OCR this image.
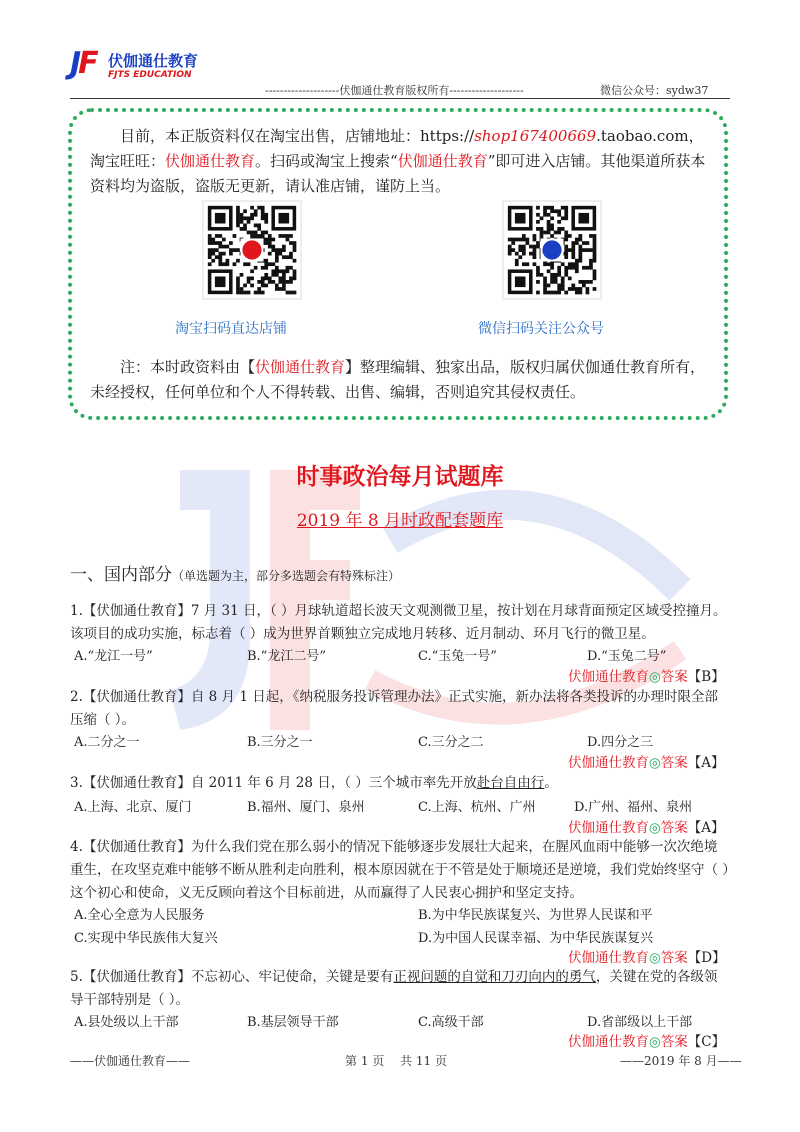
JF 伏伽通仕教育
FJTS EDUCATION
--------------------伏伽通仕教育版权所有--------------------	微信公众号：sydw37
目前，本正版资料仅在淘宝出售，店铺地址：https://shop167400669.taobao.com，淘宝旺旺：伏伽通仕教育。扫码或淘宝上搜索“伏伽通仕教育”即可进入店铺。其他渠道所获本资料均为盗版，盗版无更新，请认准店铺，谨防上当。
淘宝扫码直达店铺	微信扫码关注公众号
注：本时政资料由【伏伽通仕教育】整理编辑、独家出品，版权归属伏伽通仕教育所有，未经授权，任何单位和个人不得转载、出售、编辑，否则追究其侵权责任。
时事政治每月试题库
2019 年 8 月时政配套题库
一、国内部分（单选题为主，部分多选题会有特殊标注）
1.【伏伽通仕教育】7 月 31 日，（ ）月球轨道超长波天文观测微卫星，按计划在月球背面预定区域受控撞月。该项目的成功实施，标志着（ ）成为世界首颗独立完成地月转移、近月制动、环月飞行的微卫星。
A.“龙江一号”	B.“龙江二号”	C.“玉兔一号”	D.“玉兔二号”
伏伽通仕教育◎答案【B】
2.【伏伽通仕教育】自 8 月 1 日起，《纳税服务投诉管理办法》正式实施，新办法将各类投诉的办理时限全部压缩（ ）。
A.二分之一	B.三分之一	C.三分之二	D.四分之三
伏伽通仕教育◎答案【A】
3.【伏伽通仕教育】自 2011 年 6 月 28 日，（ ）三个城市率先开放赴台自由行。
A.上海、北京、厦门	B.福州、厦门、泉州	C.上海、杭州、广州	D.广州、福州、泉州
伏伽通仕教育◎答案【A】
4.【伏伽通仕教育】为什么我们党在那么弱小的情况下能够逐步发展壮大起来，在腥风血雨中能够一次次绝境重生，在攻坚克难中能够不断从胜利走向胜利，根本原因就在于不管是处于顺境还是逆境，我们党始终坚守（ ）这个初心和使命，义无反顾向着这个目标前进，从而赢得了人民衷心拥护和坚定支持。
A.全心全意为人民服务	B.为中华民族谋复兴、为世界人民谋和平
C.实现中华民族伟大复兴	D.为中国人民谋幸福、为中华民族谋复兴
伏伽通仕教育◎答案【D】
5.【伏伽通仕教育】不忘初心、牢记使命，关键是要有正视问题的自觉和刀刃向内的勇气，关键在党的各级领导干部特别是（ ）。
A.县处级以上干部	B.基层领导干部	C.高级干部	D.省部级以上干部
伏伽通仕教育◎答案【C】
——伏伽通仕教育——	第 1 页　 共 11 页	——2019 年 8 月——
